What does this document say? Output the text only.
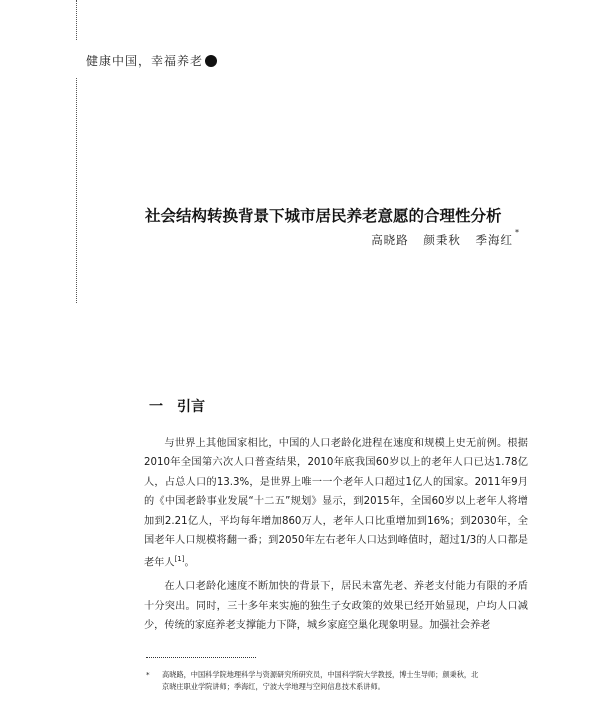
健康中国，幸福养老
社会结构转换背景下城市居民养老意愿的合理性分析
高晓路 颜秉秋 季海红*
一 引言

与世界上其他国家相比，中国的人口老龄化进程在速度和规模上史无前例。根据2010年全国第六次人口普查结果，2010年底我国60岁以上的老年人口已达1.78亿人，占总人口的13.3%，是世界上唯一一个老年人口超过1亿人的国家。2011年9月的《中国老龄事业发展“十二五”规划》显示，到2015年，全国60岁以上老年人将增加到2.21亿人，平均每年增加860万人，老年人口比重增加到16%；到2030年，全国老年人口规模将翻一番；到2050年左右老年人口达到峰值时，超过1/3的人口都是老年人[1]。

在人口老龄化速度不断加快的背景下，居民未富先老、养老支付能力有限的矛盾十分突出。同时，三十多年来实施的独生子女政策的效果已经开始显现，户均人口减少，传统的家庭养老支撑能力下降，城乡家庭空巢化现象明显。加强社会养老

* 高晓路，中国科学院地理科学与资源研究所研究员，中国科学院大学教授，博士生导师；颜秉秋，北
京晓庄职业学院讲师；季海红，宁波大学地理与空间信息技术系讲师。
